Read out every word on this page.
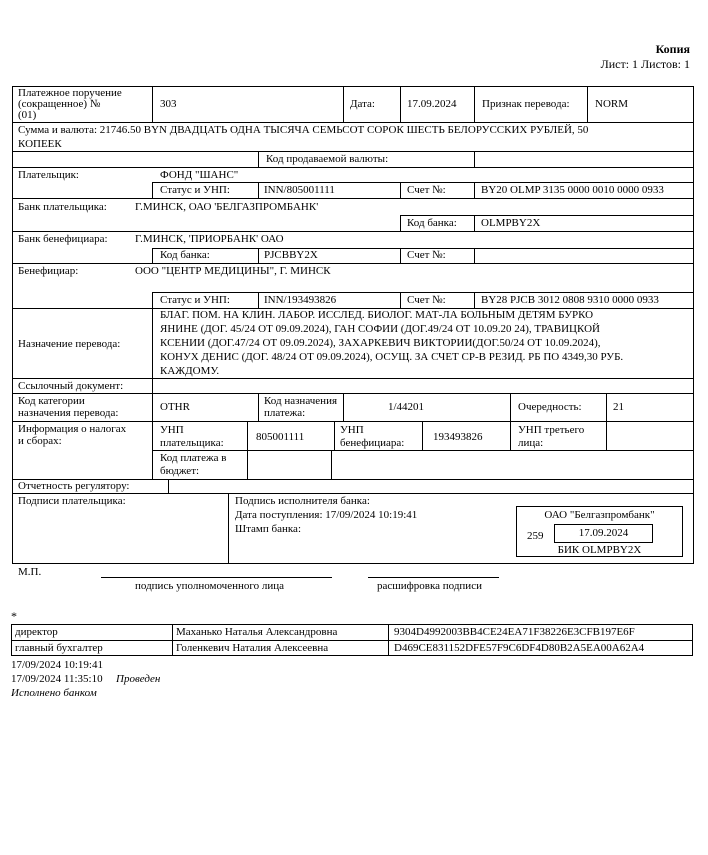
Копия
Лист: 1 Листов: 1
Платежное поручение
(сокращенное) №
(01)
303	Дата:	17.09.2024 Признак перевода: NORM
Сумма и валюта: 21746.50 BYN ДВАДЦАТЬ ОДНА ТЫСЯЧА СЕМЬСОТ СОРОК ШЕСТЬ БЕЛОРУССКИХ РУБЛЕЙ, 50
КОПЕЕК
Код продаваемой валюты:
Плательщик:	ФОНД "ШАНС"
Статус и УНП:	INN/805001111	Счет №:	BY20 OLMP 3135 0000 0010 0000 0933
Банк плательщика:	Г.МИНСК, ОАО 'БЕЛГАЗПРОМБАНК'
Код банка: OLMPBY2X
Банк бенефициара: Г.МИНСК, 'ПРИОРБАНК' ОАО
Код банка:	PJCBBY2X	Счет №:
Бенефициар:	ООО "ЦЕНТР МЕДИЦИНЫ", Г. МИНСК
Статус и УНП:	INN/193493826	Счет №:	BY28 PJCB 3012 0808 9310 0000 0933
Назначение перевода:
БЛАГ. ПОМ. НА КЛИН. ЛАБОР. ИССЛЕД. БИОЛОГ. МАТ-ЛА БОЛЬНЫМ ДЕТЯМ БУРКО
ЯНИНЕ (ДОГ. 45/24 ОТ 09.09.2024), ГАН СОФИИ (ДОГ.49/24 ОТ 10.09.20 24), ТРАВИЦКОЙ
КСЕНИИ (ДОГ.47/24 ОТ 09.09.2024), ЗАХАРКЕВИЧ ВИКТОРИИ(ДОГ.50/24 ОТ 10.09.2024),
КОНУХ ДЕНИС (ДОГ. 48/24 ОТ 09.09.2024), ОСУЩ. ЗА СЧЕТ СР-В РЕЗИД. РБ ПО 4349,30 РУБ.
КАЖДОМУ.
Ссылочный документ:
Код категории
назначения перевода:	OTHR	Код назначения
платежа:	1/44201	Очередность:	21
Информация о налогах
и сборах:
УНП
плательщика:	805001111
УНП
бенефициара:	193493826
УНП третьего
лица:
Код платежа в
бюджет:
Отчетность регулятору:
Подписи плательщика:	Подпись исполнителя банка:
Дата поступления: 17/09/2024 10:19:41
Штамп банка:
ОАО "Белгазпромбанк"
259	17.09.2024
БИК OLMPBY2X
М.П.
подпись уполномоченного лица	расшифровка подписи
*
директор	Маханько Наталья Александровна	9304D4992003BB4CE24EA71F38226E3CFB197E6F
главный бухгалтер	Голенкевич Наталия Алексеевна	D469CE831152DFE57F9C6DF4D80B2A5EA00A62A4
17/09/2024 10:19:41
17/09/2024 11:35:10 Проведен
Исполнено банком
